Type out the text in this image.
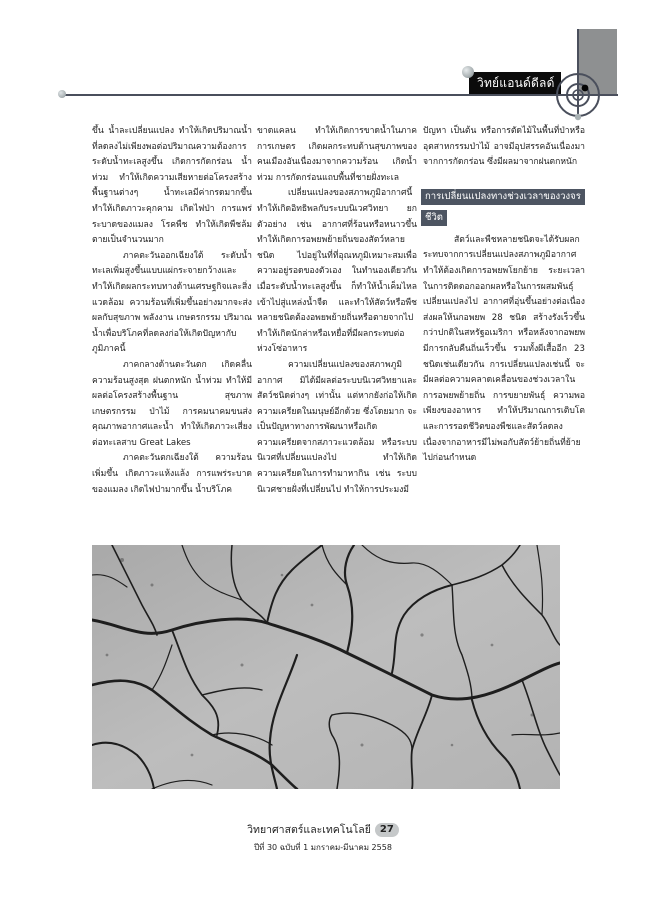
วิทย์แอนด์ดีลด์

ขึ้น น้ำละเปลี่ยนแปลง ทำให้เกิดปริมาณน้ำที่ลดลงไม่เพียงพอต่อปริมาณความต้องการ ระดับน้ำทะเลสูงขึ้น เกิดการกัดกร่อน น้ำท่วม ทำให้เกิดความเสียหายต่อโครงสร้างพื้นฐานต่างๆ น้ำทะเลมีค่ากรดมากขึ้น ทำให้เกิดภาวะคุกคาม เกิดไฟป่า การแพร่ระบาดของแมลง โรคพืช ทำให้เกิดพืชล้มตายเป็นจำนวนมาก

ภาคตะวันออกเฉียงใต้ ระดับน้ำทะเลเพิ่มสูงขึ้นแบบแผ่กระจายกว้างและทำให้เกิดผลกระทบทางด้านเศรษฐกิจและสิ่งแวดล้อม ความร้อนที่เพิ่มขึ้นอย่างมากจะส่งผลกับสุขภาพ พลังงาน เกษตรกรรม ปริมาณน้ำเพื่อบริโภคที่ลดลงก่อให้เกิดปัญหากับภูมิภาคนี้

ภาคกลางด้านตะวันตก เกิดคลื่นความร้อนสูงสุด ฝนตกหนัก น้ำท่วม ทำให้มีผลต่อโครงสร้างพื้นฐาน สุขภาพ เกษตรกรรม ป่าไม้ การคมนาคมขนส่ง คุณภาพอากาศและน้ำ ทำให้เกิดภาวะเสี่ยงต่อทะเลสาบ Great Lakes

ภาคตะวันตกเฉียงใต้ ความร้อนเพิ่มขึ้น เกิดภาวะแห้งแล้ง การแพร่ระบาดของแมลง เกิดไฟป่ามากขึ้น น้ำบริโภค

ขาดแคลน ทำให้เกิดการขาดน้ำในภาคการเกษตร เกิดผลกระทบด้านสุขภาพของคนเมืองอันเนื่องมาจากความร้อน เกิดน้ำท่วม การกัดกร่อนแถบพื้นที่ชายฝั่งทะเล

เปลี่ยนแปลงของสภาพภูมิอากาศนี้ ทำให้เกิดอิทธิพลกับระบบนิเวศวิทยา ยกตัวอย่าง เช่น อากาศที่ร้อนหรือหนาวขึ้นทำให้เกิดการอพยพย้ายถิ่นของสัตว์หลายชนิด ไปอยู่ในที่ที่อุณหภูมิเหมาะสมเพื่อความอยู่รอดของตัวเอง ในทำนองเดียวกัน เมื่อระดับน้ำทะเลสูงขึ้น ก็ทำให้น้ำเค็มไหลเข้าไปสู่แหล่งน้ำจืด และทำให้สัตว์หรือพืชหลายชนิดต้องอพยพย้ายถิ่นหรือตายจากไป ทำให้เกิดนักล่าหรือเหยื่อที่มีผลกระทบต่อห่วงโซ่อาหาร

ความเปลี่ยนแปลงของสภาพภูมิอากาศ มิได้มีผลต่อระบบนิเวศวิทยาและสัตว์ชนิดต่างๆ เท่านั้น แต่หากยังก่อให้เกิดความเครียดในมนุษย์อีกด้วย ซึ่งโดยมาก จะเป็นปัญหาทางการพัฒนาหรือเกิดความเครียดจากสภาวะแวดล้อม หรือระบบนิเวศที่เปลี่ยนแปลงไป ทำให้เกิดความเครียดในการทำมาหากิน เช่น ระบบนิเวศชายฝั่งที่เปลี่ยนไป ทำให้การประมงมี

ปัญหา เป็นต้น หรือการตัดไม้ในพื้นที่ป่าหรืออุตสาหกรรมป่าไม้ อาจมีอุปสรรคอันเนื่องมาจากการกัดกร่อน ซึ่งมีผลมาจากฝนตกหนัก

การเปลี่ยนแปลงทางช่วงเวลาของวงจรชีวิต

สัตว์และพืชหลายชนิดจะได้รับผลกระทบจากการเปลี่ยนแปลงสภาพภูมิอากาศ ทำให้ต้องเกิดการอพยพโยกย้าย ระยะเวลาในการติดดอกออกผลหรือในการผสมพันธุ์เปลี่ยนแปลงไป อากาศที่อุ่นขึ้นอย่างต่อเนื่อง ส่งผลให้นกอพยพ 28 ชนิด สร้างรังเร็วขึ้นกว่าปกติในสหรัฐอเมริกา หรือหลังจากอพยพ มีการกลับคืนถิ่นเร็วขึ้น รวมทั้งผีเสื้ออีก 23 ชนิดเช่นเดียวกัน การเปลี่ยนแปลงเช่นนี้ จะมีผลต่อความคลาดเคลื่อนของช่วงเวลาในการอพยพย้ายถิ่น การขยายพันธุ์ ความพอเพียงของอาหาร ทำให้ปริมาณการเติบโตและการรอดชีวิตของพืชและสัตว์ลดลงเนื่องจากอาหารมีไม่พอกับสัตว์ย้ายถิ่นที่ย้ายไปก่อนกำหนด

วิทยาศาสตร์และเทคโนโลยี 27
ปีที่ 30 ฉบับที่ 1 มกราคม-มีนาคม 2558
